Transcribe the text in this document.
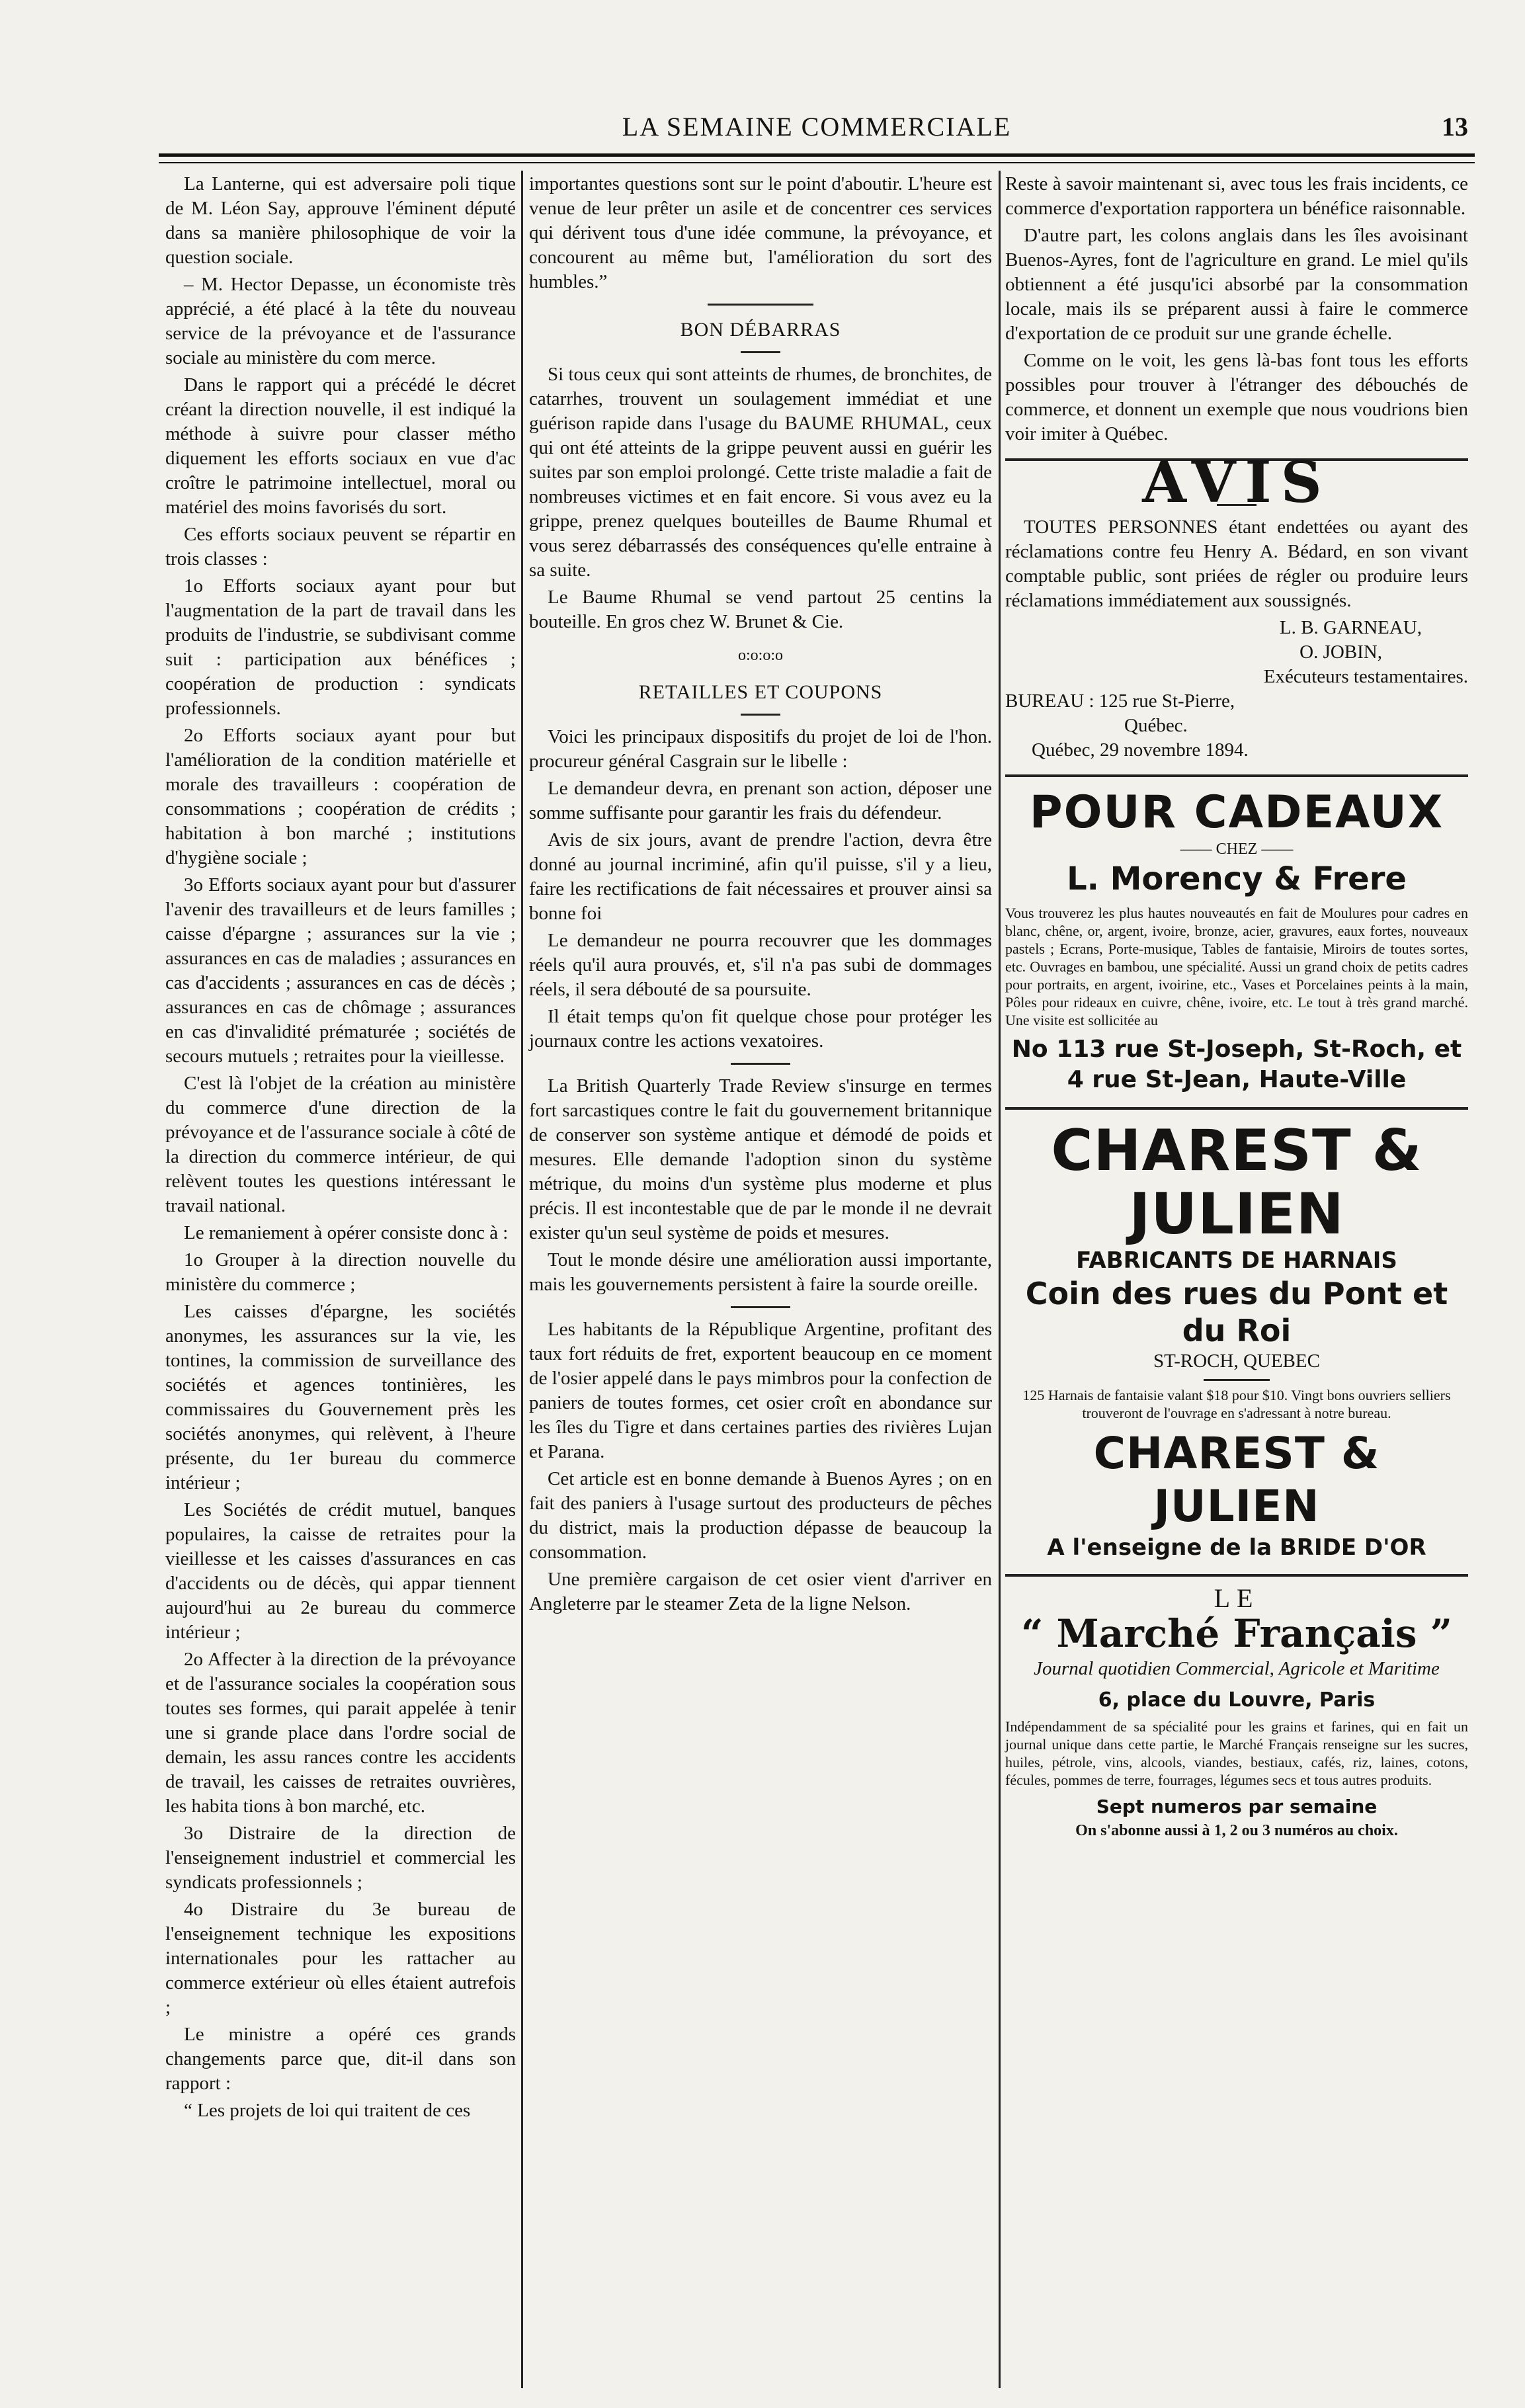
LA SEMAINE COMMERCIALE	13

La Lanterne, qui est adversaire poli tique de M. Léon Say, approuve l'éminent député dans sa manière philosophique de voir la question sociale.

– M. Hector Depasse, un économiste très apprécié, a été placé à la tête du nouveau service de la prévoyance et de l'assurance sociale au ministère du com merce.

Dans le rapport qui a précédé le décret créant la direction nouvelle, il est indiqué la méthode à suivre pour classer métho diquement les efforts sociaux en vue d'ac croître le patrimoine intellectuel, moral ou matériel des moins favorisés du sort.

Ces efforts sociaux peuvent se répartir en trois classes :

1o Efforts sociaux ayant pour but l'augmentation de la part de travail dans les produits de l'industrie, se subdivisant comme suit : participation aux bénéfices ; coopération de production : syndicats professionnels.

2o Efforts sociaux ayant pour but l'amélioration de la condition matérielle et morale des travailleurs : coopération de consommations ; coopération de crédits ; habitation à bon marché ; institutions d'hygiène sociale ;

3o Efforts sociaux ayant pour but d'assurer l'avenir des travailleurs et de leurs familles ; caisse d'épargne ; assurances sur la vie ; assurances en cas de maladies ; assurances en cas d'accidents ; assurances en cas de décès ; assurances en cas de chômage ; assurances en cas d'invalidité prématurée ; sociétés de secours mutuels ; retraites pour la vieillesse.

C'est là l'objet de la création au ministère du commerce d'une direction de la prévoyance et de l'assurance sociale à côté de la direction du commerce intérieur, de qui relèvent toutes les questions intéressant le travail national.

Le remaniement à opérer consiste donc à :

1o Grouper à la direction nouvelle du ministère du commerce ;

Les caisses d'épargne, les sociétés anonymes, les assurances sur la vie, les tontines, la commission de surveillance des sociétés et agences tontinières, les commissaires du Gouvernement près les sociétés anonymes, qui relèvent, à l'heure présente, du 1er bureau du commerce intérieur ;

Les Sociétés de crédit mutuel, banques populaires, la caisse de retraites pour la vieillesse et les caisses d'assurances en cas d'accidents ou de décès, qui appar tiennent aujourd'hui au 2e bureau du commerce intérieur ;

2o Affecter à la direction de la prévoyance et de l'assurance sociales la coopération sous toutes ses formes, qui parait appelée à tenir une si grande place dans l'ordre social de demain, les assu rances contre les accidents de travail, les caisses de retraites ouvrières, les habita tions à bon marché, etc.

3o Distraire de la direction de l'enseignement industriel et commercial les syndicats professionnels ;

4o Distraire du 3e bureau de l'enseignement technique les expositions internationales pour les rattacher au commerce extérieur où elles étaient autrefois ;

Le ministre a opéré ces grands changements parce que, dit-il dans son rapport :

“ Les projets de loi qui traitent de ces

importantes questions sont sur le point d'aboutir. L'heure est venue de leur prêter un asile et de concentrer ces services qui dérivent tous d'une idée commune, la prévoyance, et concourent au même but, l'amélioration du sort des humbles.”

BON DÉBARRAS

Si tous ceux qui sont atteints de rhumes, de bronchites, de catarrhes, trouvent un soulagement immédiat et une guérison rapide dans l'usage du BAUME RHUMAL, ceux qui ont été atteints de la grippe peuvent aussi en guérir les suites par son emploi prolongé. Cette triste maladie a fait de nombreuses victimes et en fait encore. Si vous avez eu la grippe, prenez quelques bouteilles de Baume Rhumal et vous serez débarrassés des conséquences qu'elle entraine à sa suite.

Le Baume Rhumal se vend partout 25 centins la bouteille. En gros chez W. Brunet & Cie.

o:o:o:o
RETAILLES ET COUPONS

Voici les principaux dispositifs du projet de loi de l'hon. procureur général Casgrain sur le libelle :

Le demandeur devra, en prenant son action, déposer une somme suffisante pour garantir les frais du défendeur.

Avis de six jours, avant de prendre l'action, devra être donné au journal incriminé, afin qu'il puisse, s'il y a lieu, faire les rectifications de fait nécessaires et prouver ainsi sa bonne foi

Le demandeur ne pourra recouvrer que les dommages réels qu'il aura prouvés, et, s'il n'a pas subi de dommages réels, il sera débouté de sa poursuite.

Il était temps qu'on fit quelque chose pour protéger les journaux contre les actions vexatoires.

La British Quarterly Trade Review s'insurge en termes fort sarcastiques contre le fait du gouvernement britannique de conserver son système antique et démodé de poids et mesures. Elle demande l'adoption sinon du système métrique, du moins d'un système plus moderne et plus précis. Il est incontestable que de par le monde il ne devrait exister qu'un seul système de poids et mesures.

Tout le monde désire une amélioration aussi importante, mais les gouvernements persistent à faire la sourde oreille.

Les habitants de la République Argentine, profitant des taux fort réduits de fret, exportent beaucoup en ce moment de l'osier appelé dans le pays mimbros pour la confection de paniers de toutes formes, cet osier croît en abondance sur les îles du Tigre et dans certaines parties des rivières Lujan et Parana.

Cet article est en bonne demande à Buenos Ayres ; on en fait des paniers à l'usage surtout des producteurs de pêches du district, mais la production dépasse de beaucoup la consommation.

Une première cargaison de cet osier vient d'arriver en Angleterre par le steamer Zeta de la ligne Nelson.

Reste à savoir maintenant si, avec tous les frais incidents, ce commerce d'exportation rapportera un bénéfice raisonnable.

D'autre part, les colons anglais dans les îles avoisinant Buenos-Ayres, font de l'agriculture en grand. Le miel qu'ils obtiennent a été jusqu'ici absorbé par la consommation locale, mais ils se préparent aussi à faire le commerce d'exportation de ce produit sur une grande échelle.

Comme on le voit, les gens là-bas font tous les efforts possibles pour trouver à l'étranger des débouchés de commerce, et donnent un exemple que nous voudrions bien voir imiter à Québec.

AVIS

TOUTES PERSONNES étant endettées ou ayant des réclamations contre feu Henry A. Bédard, en son vivant comptable public, sont priées de régler ou produire leurs réclamations immédiatement aux soussignés.

L. B. GARNEAU,
O. JOBIN,
Exécuteurs testamentaires.
BUREAU : 125 rue St-Pierre,
Québec.
Québec, 29 novembre 1894.
POUR CADEAUX
—— CHEZ ——
L. Morency & Frere
Vous trouverez les plus hautes nouveautés en fait de Moulures pour cadres en blanc, chêne, or, argent, ivoire, bronze, acier, gravures, eaux fortes, nouveaux pastels ; Ecrans, Porte-musique, Tables de fantaisie, Miroirs de toutes sortes, etc. Ouvrages en bambou, une spécialité. Aussi un grand choix de petits cadres pour portraits, en argent, ivoirine, etc., Vases et Porcelaines peints à la main, Pôles pour rideaux en cuivre, chêne, ivoire, etc. Le tout à très grand marché. Une visite est sollicitée au
No 113 rue St-Joseph, St-Roch, et
4 rue St-Jean, Haute-Ville
CHAREST & JULIEN
FABRICANTS DE HARNAIS
Coin des rues du Pont et du Roi
ST-ROCH, QUEBEC
125 Harnais de fantaisie valant $18 pour $10. Vingt bons ouvriers selliers trouveront de l'ouvrage en s'adressant à notre bureau.
CHAREST & JULIEN
A l'enseigne de la BRIDE D'OR
LE
“ Marché Français ”
Journal quotidien Commercial, Agricole et Maritime
6, place du Louvre, Paris
Indépendamment de sa spécialité pour les grains et farines, qui en fait un journal unique dans cette partie, le Marché Français renseigne sur les sucres, huiles, pétrole, vins, alcools, viandes, bestiaux, cafés, riz, laines, cotons, fécules, pommes de terre, fourrages, légumes secs et tous autres produits.
Sept numeros par semaine
On s'abonne aussi à 1, 2 ou 3 numéros au choix.
